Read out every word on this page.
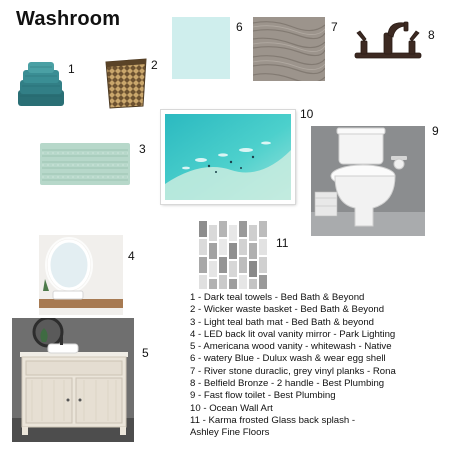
Washroom
1	2
6	7
8
3
10
9
11
4
5
1 - Dark teal towels - Bed Bath & Beyond
2 - Wicker waste basket - Bed Bath & Beyond
3 - Light teal bath mat - Bed Bath & beyond
4 - LED back lit oval vanity mirror - Park Lighting
5 - Americana wood vanity - whitewash - Native
6 - watery Blue - Dulux wash & wear egg shell
7 - River stone duraclic, grey vinyl planks - Rona
8 - Belfield Bronze - 2 handle - Best Plumbing
9 - Fast flow toilet - Best Plumbing
10 - Ocean Wall Art
11 - Karma frosted Glass back splash -
Ashley Fine Floors
